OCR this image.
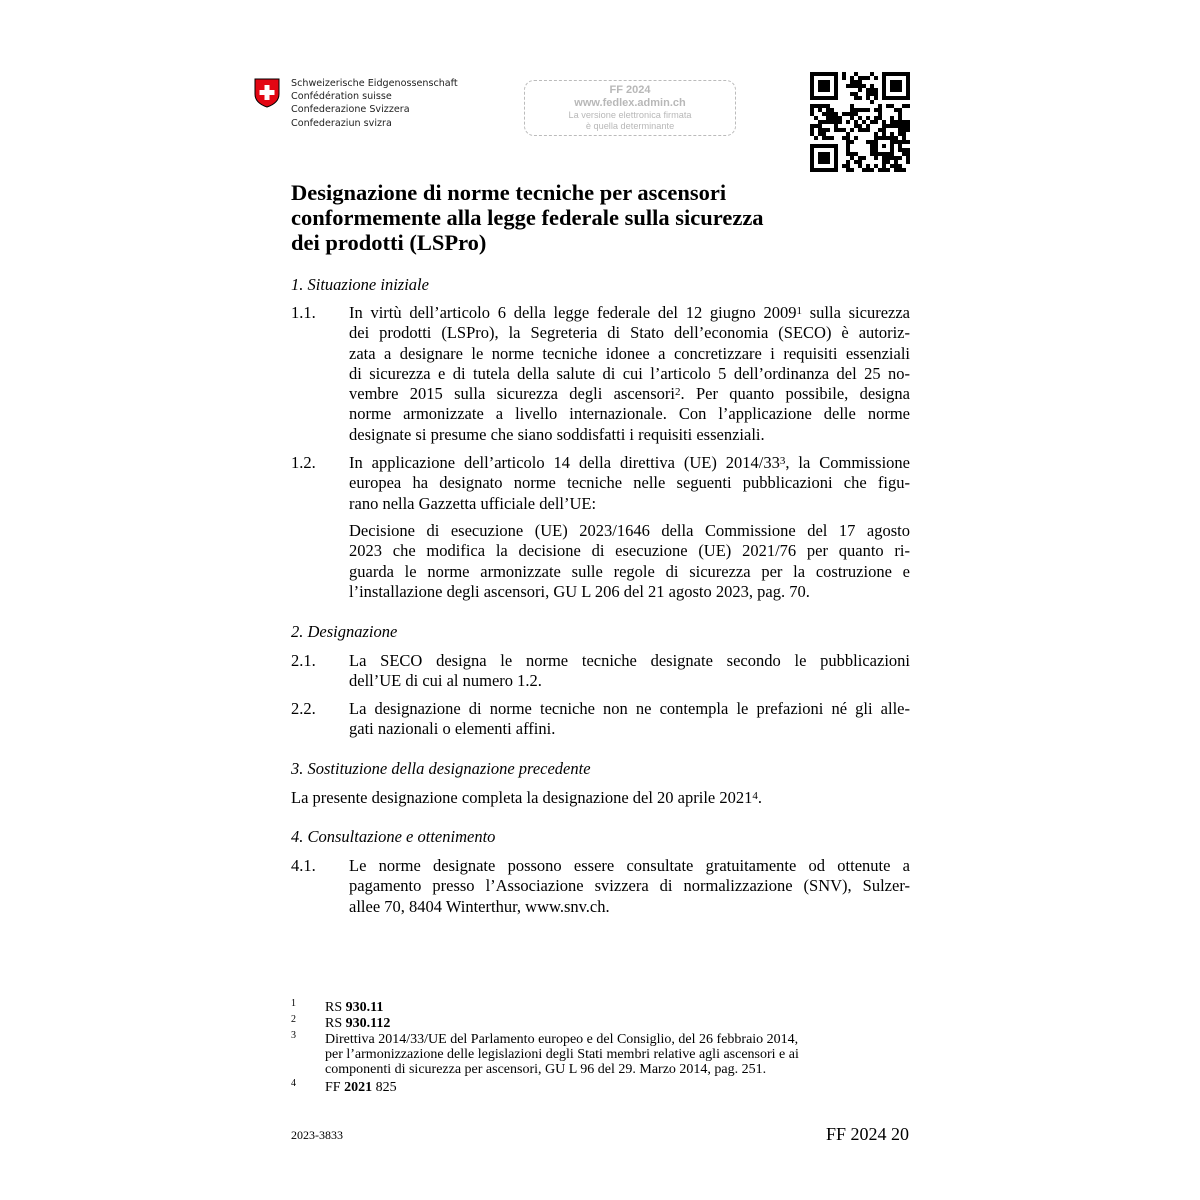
Schweizerische Eidgenossenschaft
Confédération suisse
Confederazione Svizzera
Confederaziun svizra
FF 2024
www.fedlex.admin.ch
La versione elettronica firmata
è quella determinante
Designazione di norme tecniche per ascensori
conformemente alla legge federale sulla sicurezza
dei prodotti (LSPro)
1. Situazione iniziale
1.1. In virtù dell’articolo 6 della legge federale del 12 giugno 2009$^1$ sulla sicurezza
dei prodotti (LSPro), la Segreteria di Stato dell’economia (SECO) è autoriz-
zata a designare le norme tecniche idonee a concretizzare i requisiti essenziali
di sicurezza e di tutela della salute di cui l’articolo 5 dell’ordinanza del 25 no-
vembre 2015 sulla sicurezza degli ascensori$^2$. Per quanto possibile, designa
norme armonizzate a livello internazionale. Con l’applicazione delle norme
designate si presume che siano soddisfatti i requisiti essenziali.
1.2. In applicazione dell’articolo 14 della direttiva (UE) 2014/33$^3$, la Commissione
europea ha designato norme tecniche nelle seguenti pubblicazioni che figu-
rano nella Gazzetta ufficiale dell’UE:
Decisione di esecuzione (UE) 2023/1646 della Commissione del 17 agosto
2023 che modifica la decisione di esecuzione (UE) 2021/76 per quanto ri-
guarda le norme armonizzate sulle regole di sicurezza per la costruzione e
l’installazione degli ascensori, GU L 206 del 21 agosto 2023, pag. 70.
2. Designazione
2.1. La SECO designa le norme tecniche designate secondo le pubblicazioni
dell’UE di cui al numero 1.2.
2.2. La designazione di norme tecniche non ne contempla le prefazioni né gli alle-
gati nazionali o elementi affini.
3. Sostituzione della designazione precedente
La presente designazione completa la designazione del 20 aprile 2021$^4$.
4. Consultazione e ottenimento
4.1. Le norme designate possono essere consultate gratuitamente od ottenute a
pagamento presso l’Associazione svizzera di normalizzazione (SNV), Sulzer-
allee 70, 8404 Winterthur, www.snv.ch.
1 RS 930.11
2 RS 930.112
3 Direttiva 2014/33/UE del Parlamento europeo e del Consiglio, del 26 febbraio 2014,
per l’armonizzazione delle legislazioni degli Stati membri relative agli ascensori e ai
componenti di sicurezza per ascensori, GU L 96 del 29. Marzo 2014, pag. 251.
4 FF 2021 825
2023-3833	FF 2024 20
